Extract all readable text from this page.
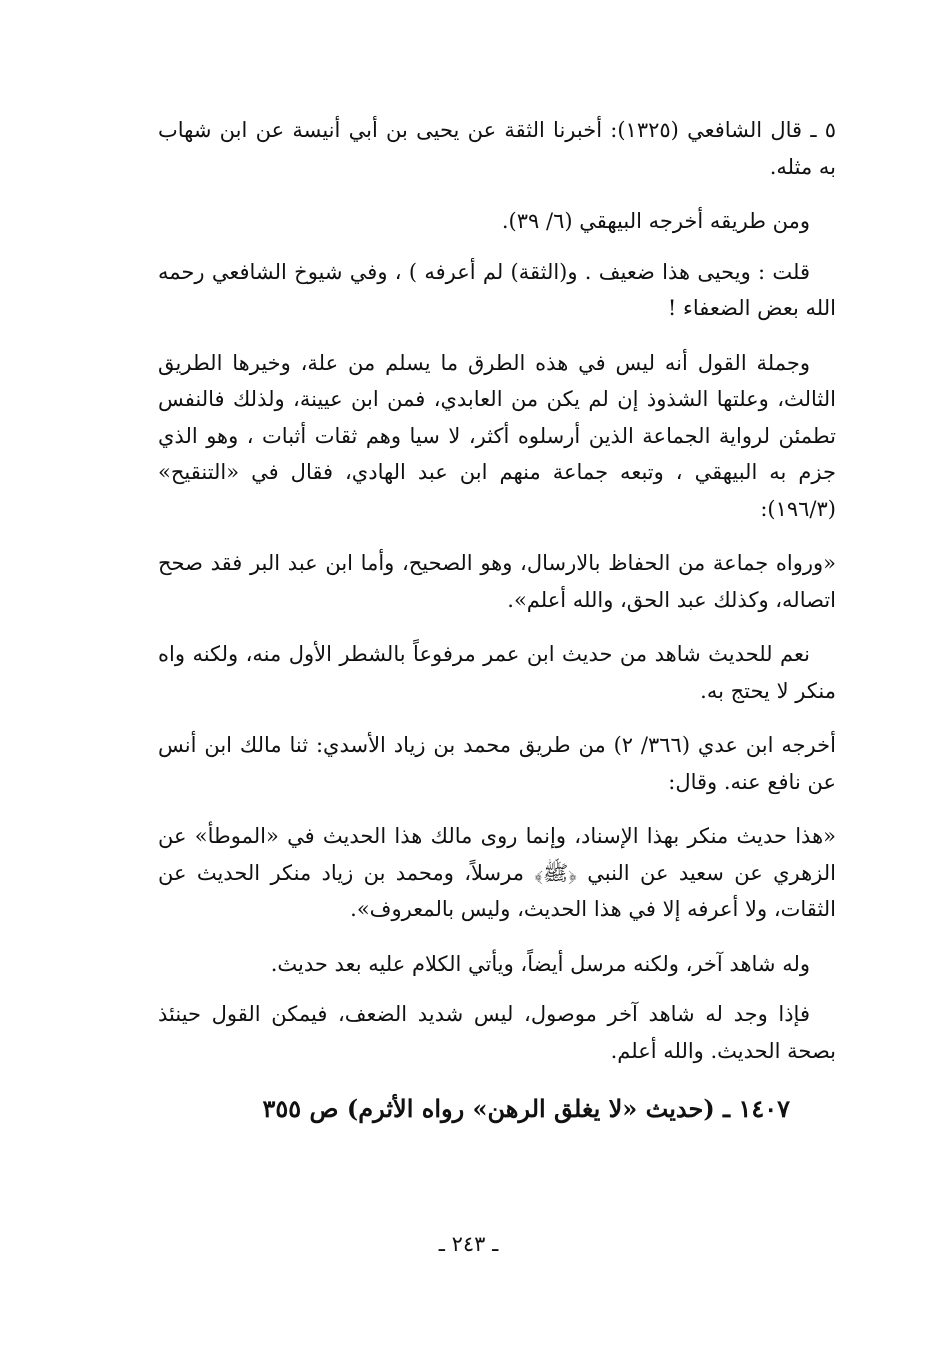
٥ ـ قال الشافعي (١٣٢٥): أخبرنا الثقة عن يحيى بن أبي أنيسة عن ابن شهاب به مثله.

ومن طريقه أخرجه البيهقي (٦/ ٣٩).

قلت : ويحيى هذا ضعيف . و(الثقة) لم أعرفه ) ، وفي شيوخ الشافعي رحمه الله بعض الضعفاء !

وجملة القول أنه ليس في هذه الطرق ما يسلم من علة، وخيرها الطريق الثالث، وعلتها الشذوذ إن لم يكن من العابدي، فمن ابن عيينة، ولذلك فالنفس تطمئن لرواية الجماعة الذين أرسلوه أكثر، لا سيا وهم ثقات أثبات ، وهو الذي جزم به البيهقي ، وتبعه جماعة منهم ابن عبد الهادي، فقال في «التنقيح» (١٩٦/٣):

«ورواه جماعة من الحفاظ بالارسال، وهو الصحيح، وأما ابن عبد البر فقد صحح اتصاله، وكذلك عبد الحق، والله أعلم».

نعم للحديث شاهد من حديث ابن عمر مرفوعاً بالشطر الأول منه، ولكنه واه منكر لا يحتج به.

أخرجه ابن عدي (٣٦٦/ ٢) من طريق محمد بن زياد الأسدي: ثنا مالك ابن أنس عن نافع عنه. وقال:

«هذا حديث منكر بهذا الإسناد، وإنما روى مالك هذا الحديث في «الموطأ» عن الزهري عن سعيد عن النبي ﴿ﷺ﴾ مرسلاً، ومحمد بن زياد منكر الحديث عن الثقات، ولا أعرفه إلا في هذا الحديث، وليس بالمعروف».

وله شاهد آخر، ولكنه مرسل أيضاً، ويأتي الكلام عليه بعد حديث.

فإذا وجد له شاهد آخر موصول، ليس شديد الضعف، فيمكن القول حينئذ بصحة الحديث. والله أعلم.

١٤٠٧ ـ (حديث «لا يغلق الرهن» رواه الأثرم) ص ٣٥٥
ـ ٢٤٣ ـ
